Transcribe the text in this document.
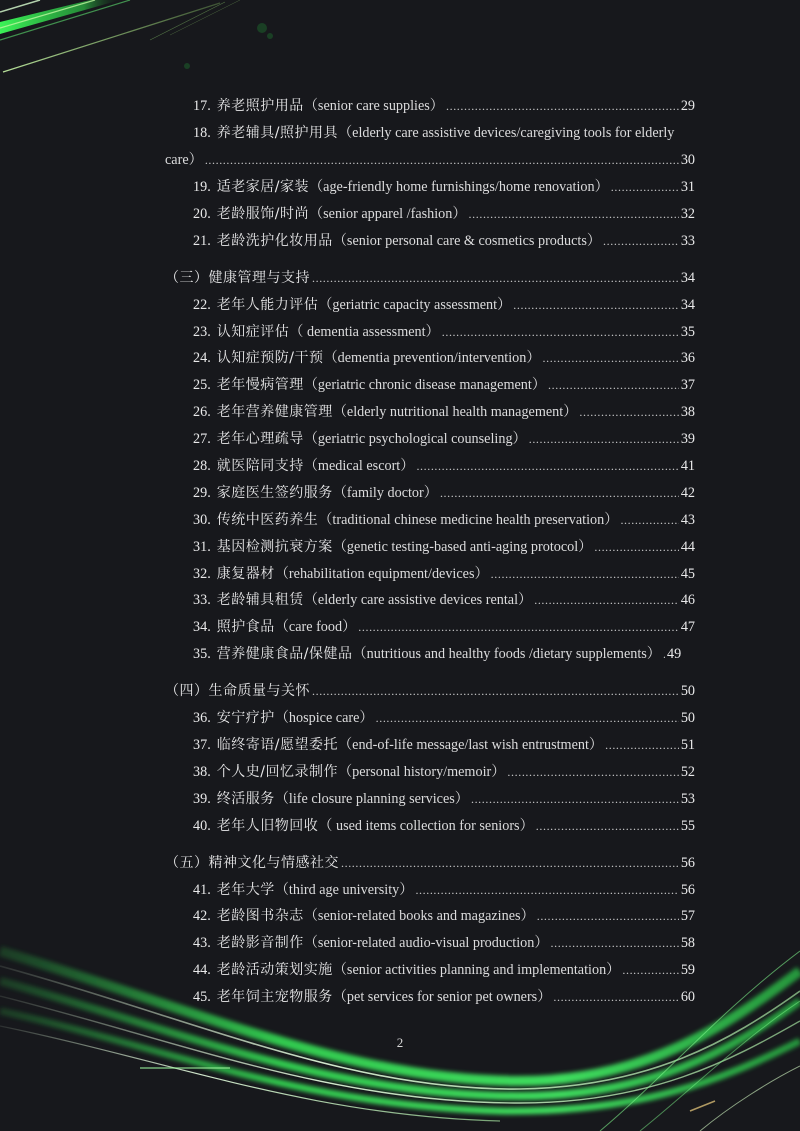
17. 养老照护用品 （senior care supplies） .....	29
18. 养老辅具/照护用具 （elderly care assistive devices/caregiving tools for elderly
care） .....	30
19. 适老家居/家装 （age-friendly home furnishings/home renovation） .....	31
20. 老龄服饰/时尚 （senior apparel /fashion） .....	32
21. 老龄洗护化妆用品 （senior personal care & cosmetics products） .....	33
（三）健康管理与支持 .....	34
22. 老年人能力评估 （geriatric capacity assessment） .....	34
23. 认知症评估 （ dementia assessment） .....	35
24. 认知症预防/干预 （dementia prevention/intervention） .....	36
25. 老年慢病管理 （geriatric chronic disease management） .....	37
26. 老年营养健康管理 （elderly nutritional health management） .....	38
27. 老年心理疏导 （geriatric psychological counseling） .....	39
28. 就医陪同支持 （medical escort） .....	41
29. 家庭医生签约服务 （family doctor） .....	42
30. 传统中医药养生 （traditional chinese medicine health preservation） .....	43
31. 基因检测抗衰方案 （genetic testing-based anti-aging protocol） .....	44
32. 康复器材 （rehabilitation equipment/devices） .....	45
33. 老龄辅具租赁 （elderly care assistive devices rental） .....	46
34. 照护食品 （care food） .....	47
35. 营养健康食品/保健品 （nutritious and healthy foods /dietary supplements） ..... 49
（四）生命质量与关怀 .....	50
36. 安宁疗护 （hospice care） .....	50
37. 临终寄语/愿望委托 （end-of-life message/last wish entrustment） .....	51
38. 个人史/回忆录制作 （personal history/memoir） .....	52
39. 终活服务 （life closure planning services） .....	53
40. 老年人旧物回收 （ used items collection for seniors） .....	55
（五）精神文化与情感社交 .....	56
41. 老年大学 （third age university） .....	56
42. 老龄图书杂志 （senior-related books and magazines） .....	57
43. 老龄影音制作 （senior-related audio-visual production） .....	58
44. 老龄活动策划实施 （senior activities planning and implementation） .....	59
45. 老年饲主宠物服务 （pet services for senior pet owners） .....	60
2
